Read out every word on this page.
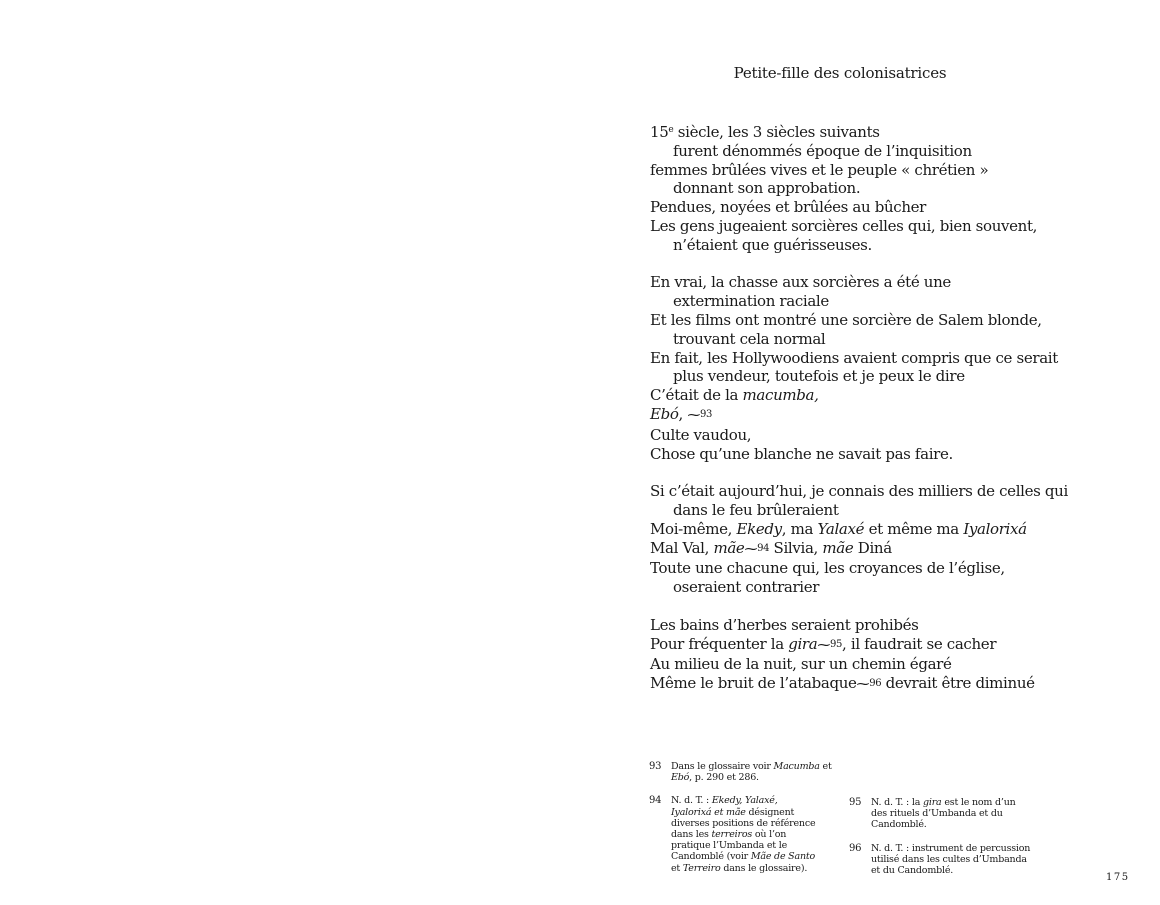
Petite-fille des colonisatrices
15e siècle, les 3 siècles suivants
furent dénommés époque de l’inquisition
femmes brûlées vives et le peuple « chrétien »
donnant son approbation.
Pendues, noyées et brûlées au bûcher
Les gens jugeaient sorcières celles qui, bien souvent,
n’étaient que guérisseuses.
En vrai, la chasse aux sorcières a été une
extermination raciale
Et les films ont montré une sorcière de Salem blonde,
trouvant cela normal
En fait, les Hollywoodiens avaient compris que ce serait
plus vendeur, toutefois et je peux le dire
C’était de la macumba,
Ebó, ⁓93
Culte vaudou,
Chose qu’une blanche ne savait pas faire.
Si c’était aujourd’hui, je connais des milliers de celles qui
dans le feu brûleraient
Moi-même, Ekedy, ma Yalaxé et même ma Iyalorixá
Mal Val, mãe⁓94 Silvia, mãe Diná
Toute une chacune qui, les croyances de l’église,
oseraient contrarier
Les bains d’herbes seraient prohibés
Pour fréquenter la gira⁓95, il faudrait se cacher
Au milieu de la nuit, sur un chemin égaré
Même le bruit de l’atabaque⁓96 devrait être diminué
93 Dans le glossaire voir Macumba et Ebó, p. 290 et 286.
94 N. d. T. : Ekedy, Yalaxé, Iyalorixá et mãe désignent diverses positions de référence dans les terreiros où l’on pratique l’Umbanda et le Candomblé (voir Mãe de Santo et Terreiro dans le glossaire).
95 N. d. T. : la gira est le nom d’un des rituels d’Umbanda et du Candomblé.
96 N. d. T. : instrument de percussion utilisé dans les cultes d’Umbanda et du Candomblé.
175
